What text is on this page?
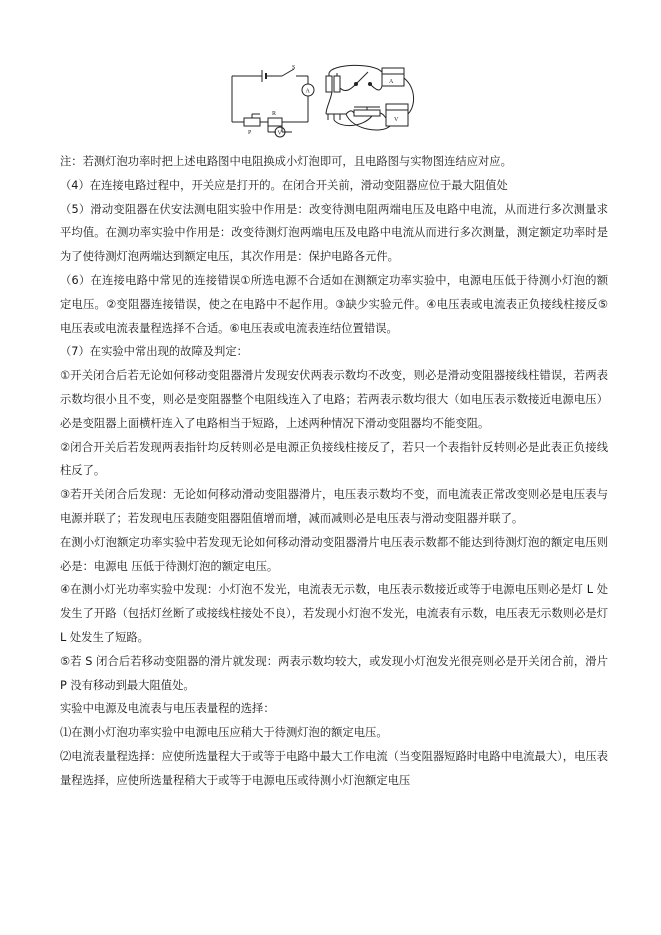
S
A
V
R
P
A
V

注：若测灯泡功率时把上述电路图中电阻换成小灯泡即可，且电路图与实物图连结应对应。

（4）在连接电路过程中，开关应是打开的。在闭合开关前，滑动变阻器应位于最大阻值处

（5）滑动变阻器在伏安法测电阻实验中作用是：改变待测电阻两端电压及电路中电流，从而进行多次测量求平均值。在测功率实验中作用是：改变待测灯泡两端电压及电路中电流从而进行多次测量，测定额定功率时是为了使待测灯泡两端达到额定电压，其次作用是：保护电路各元件。

（6）在连接电路中常见的连接错误①所选电源不合适如在测额定功率实验中，电源电压低于待测小灯泡的额定电压。②变阻器连接错误，使之在电路中不起作用。③缺少实验元件。④电压表或电流表正负接线柱接反⑤电压表或电流表量程选择不合适。⑥电压表或电流表连结位置错误。

（7）在实验中常出现的故障及判定：

①开关闭合后若无论如何移动变阻器滑片发现安伏两表示数均不改变，则必是滑动变阻器接线柱错误，若两表示数均很小且不变，则必是变阻器整个电阻线连入了电路；若两表示数均很大（如电压表示数接近电源电压）必是变阻器上面横杆连入了电路相当于短路，上述两种情况下滑动变阻器均不能变阻。

②闭合开关后若发现两表指针均反转则必是电源正负接线柱接反了，若只一个表指针反转则必是此表正负接线柱反了。

③若开关闭合后发现：无论如何移动滑动变阻器滑片，电压表示数均不变，而电流表正常改变则必是电压表与电源并联了；若发现电压表随变阻器阻值增而增，减而减则必是电压表与滑动变阻器并联了。

在测小灯泡额定功率实验中若发现无论如何移动滑动变阻器滑片电压表示数都不能达到待测灯泡的额定电压则必是：电源电 压低于待测灯泡的额定电压。

④在测小灯光功率实验中发现：小灯泡不发光，电流表无示数，电压表示数接近或等于电源电压则必是灯 L 处发生了开路（包括灯丝断了或接线柱接处不良），若发现小灯泡不发光，电流表有示数，电压表无示数则必是灯 L 处发生了短路。

⑤若 S 闭合后若移动变阻器的滑片就发现：两表示数均较大，或发现小灯泡发光很亮则必是开关闭合前，滑片 P 没有移动到最大阻值处。

实验中电源及电流表与电压表量程的选择：

⑴在测小灯泡功率实验中电源电压应稍大于待测灯泡的额定电压。

⑵电流表量程选择：应使所选量程大于或等于电路中最大工作电流（当变阻器短路时电路中电流最大），电压表量程选择，应使所选量程稍大于或等于电源电压或待测小灯泡额定电压
